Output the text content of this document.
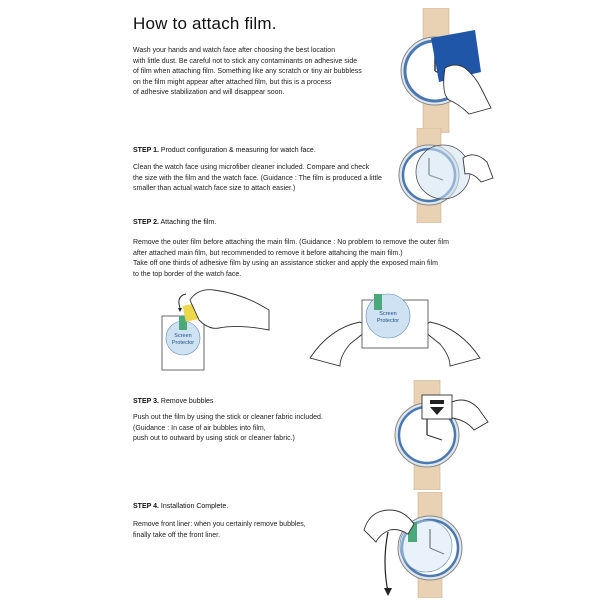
How to attach film.
Wash your hands and watch face after choosing the best location
with little dust. Be careful not to stick any contaminants on adhesive side
of film when attaching film. Something like any scratch or tiny air bubbless
on the film might appear after attached film, but this is a process
of adhesive stabilization and will disappear soon.
STEP 1. Product configuration & measuring for watch face.
Clean the watch face using microfiber cleaner included. Compare and check
the size with the film and the watch face. (Guidance : The film is produced a little
smaller than actual watch face size to attach easier.)
STEP 2. Attaching the film.
Remove the outer film before attaching the main film. (Guidance : No problem to remove the outer film
after attached main film, but recommended to remove it before attahcing the main film.)
Take off one thirds of adhesive film by using an assistance sticker and apply the exposed main film
to the top border of the watch face.
STEP 3. Remove bubbles
Push out the film by using the stick or cleaner fabric included.
(Guidance : In case of air bubbles into film,
push out to outward by using stick or cleaner fabric.)
STEP 4. Installation Complete.
Remove front liner: when you certainly remove bubbles,
finally take off the front liner.
Screen
Protector
Screen
Protector
